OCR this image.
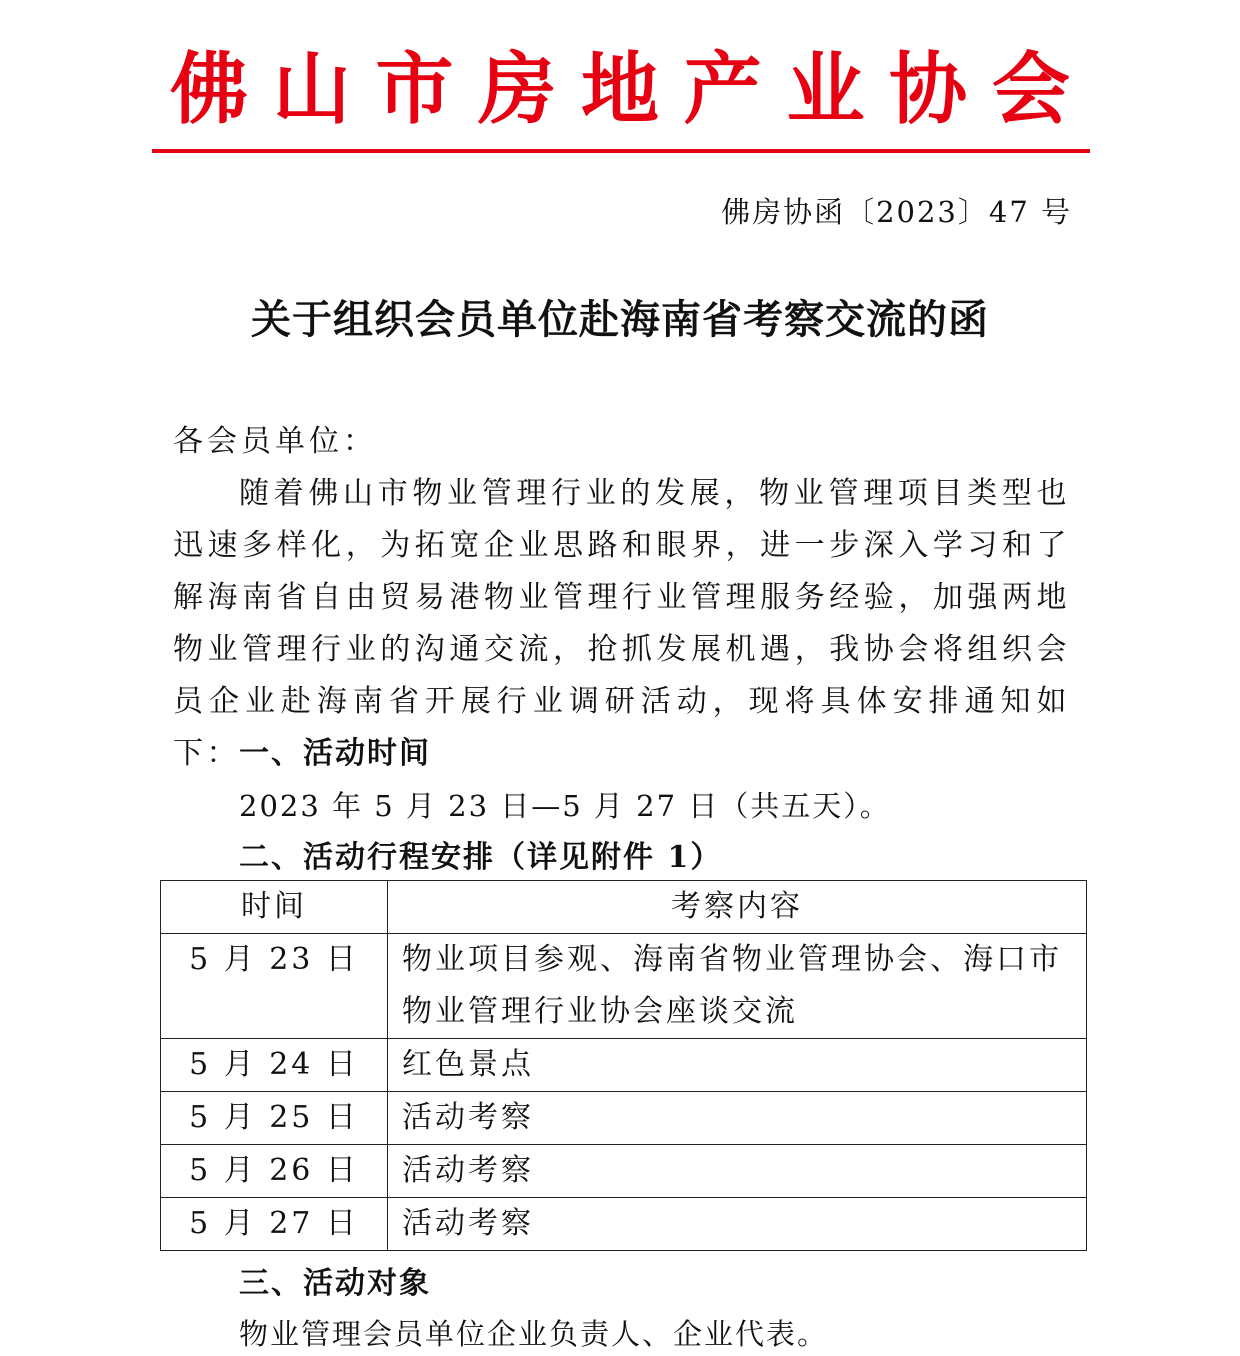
佛 山 市 房 地 产 业 协 会
佛房协函〔2023〕47 号
关于组织会员单位赴海南省考察交流的函
各会员单位：
随着佛山市物业管理行业的发展，物业管理项目类型也迅速多样化，为拓宽企业思路和眼界，进一步深入学习和了解海南省自由贸易港物业管理行业管理服务经验，加强两地物业管理行业的沟通交流，抢抓发展机遇，我协会将组织会员企业赴海南省开展行业调研活动，现将具体安排通知如下： 一、活动时间
2023 年 5 月 23 日—5 月 27 日（共五天）。
二、活动行程安排（详见附件 1）
时间	考察内容
5 月 23 日	物业项目参观、海南省物业管理协会、海口市物业管理行业协会座谈交流
5 月 24 日	红色景点
5 月 25 日	活动考察
5 月 26 日	活动考察
5 月 27 日	活动考察
三、活动对象
物业管理会员单位企业负责人、企业代表。
